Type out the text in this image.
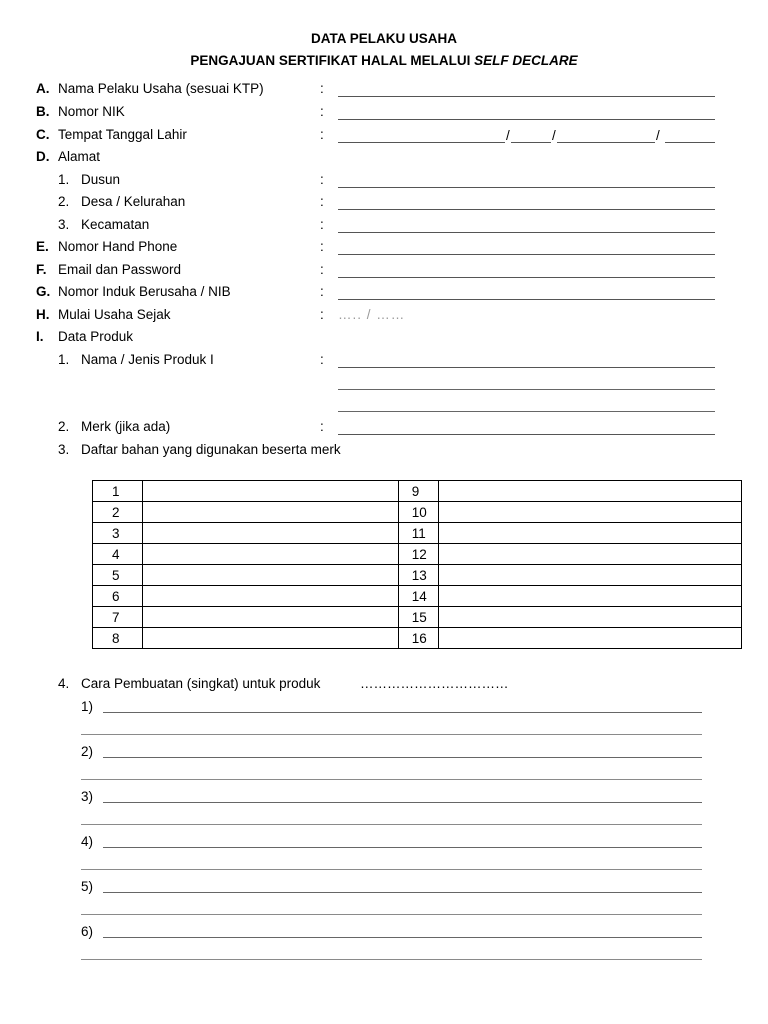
DATA PELAKU USAHA
PENGAJUAN SERTIFIKAT HALAL MELALUI SELF DECLARE
A. Nama Pelaku Usaha (sesuai KTP)	:
B. Nomor NIK	:
C. Tempat Tanggal Lahir	:	/	/	/
D. Alamat
1. Dusun	:
2. Desa / Kelurahan	:
3. Kecamatan	:
E. Nomor Hand Phone	:
F. Email dan Password	:
G. Nomor Induk Berusaha / NIB	:
H. Mulai Usaha Sejak	: ….. / ……
I. Data Produk
1. Nama / Jenis Produk I	:
2. Merk (jika ada)	:
3. Daftar bahan yang digunakan beserta merk
1		9	
2		10	
3		11	
4		12	
5		13	
6		14	
7		15	
8		16	
4. Cara Pembuatan (singkat) untuk produk	……………………………
1)
2)
3)
4)
5)
6)
